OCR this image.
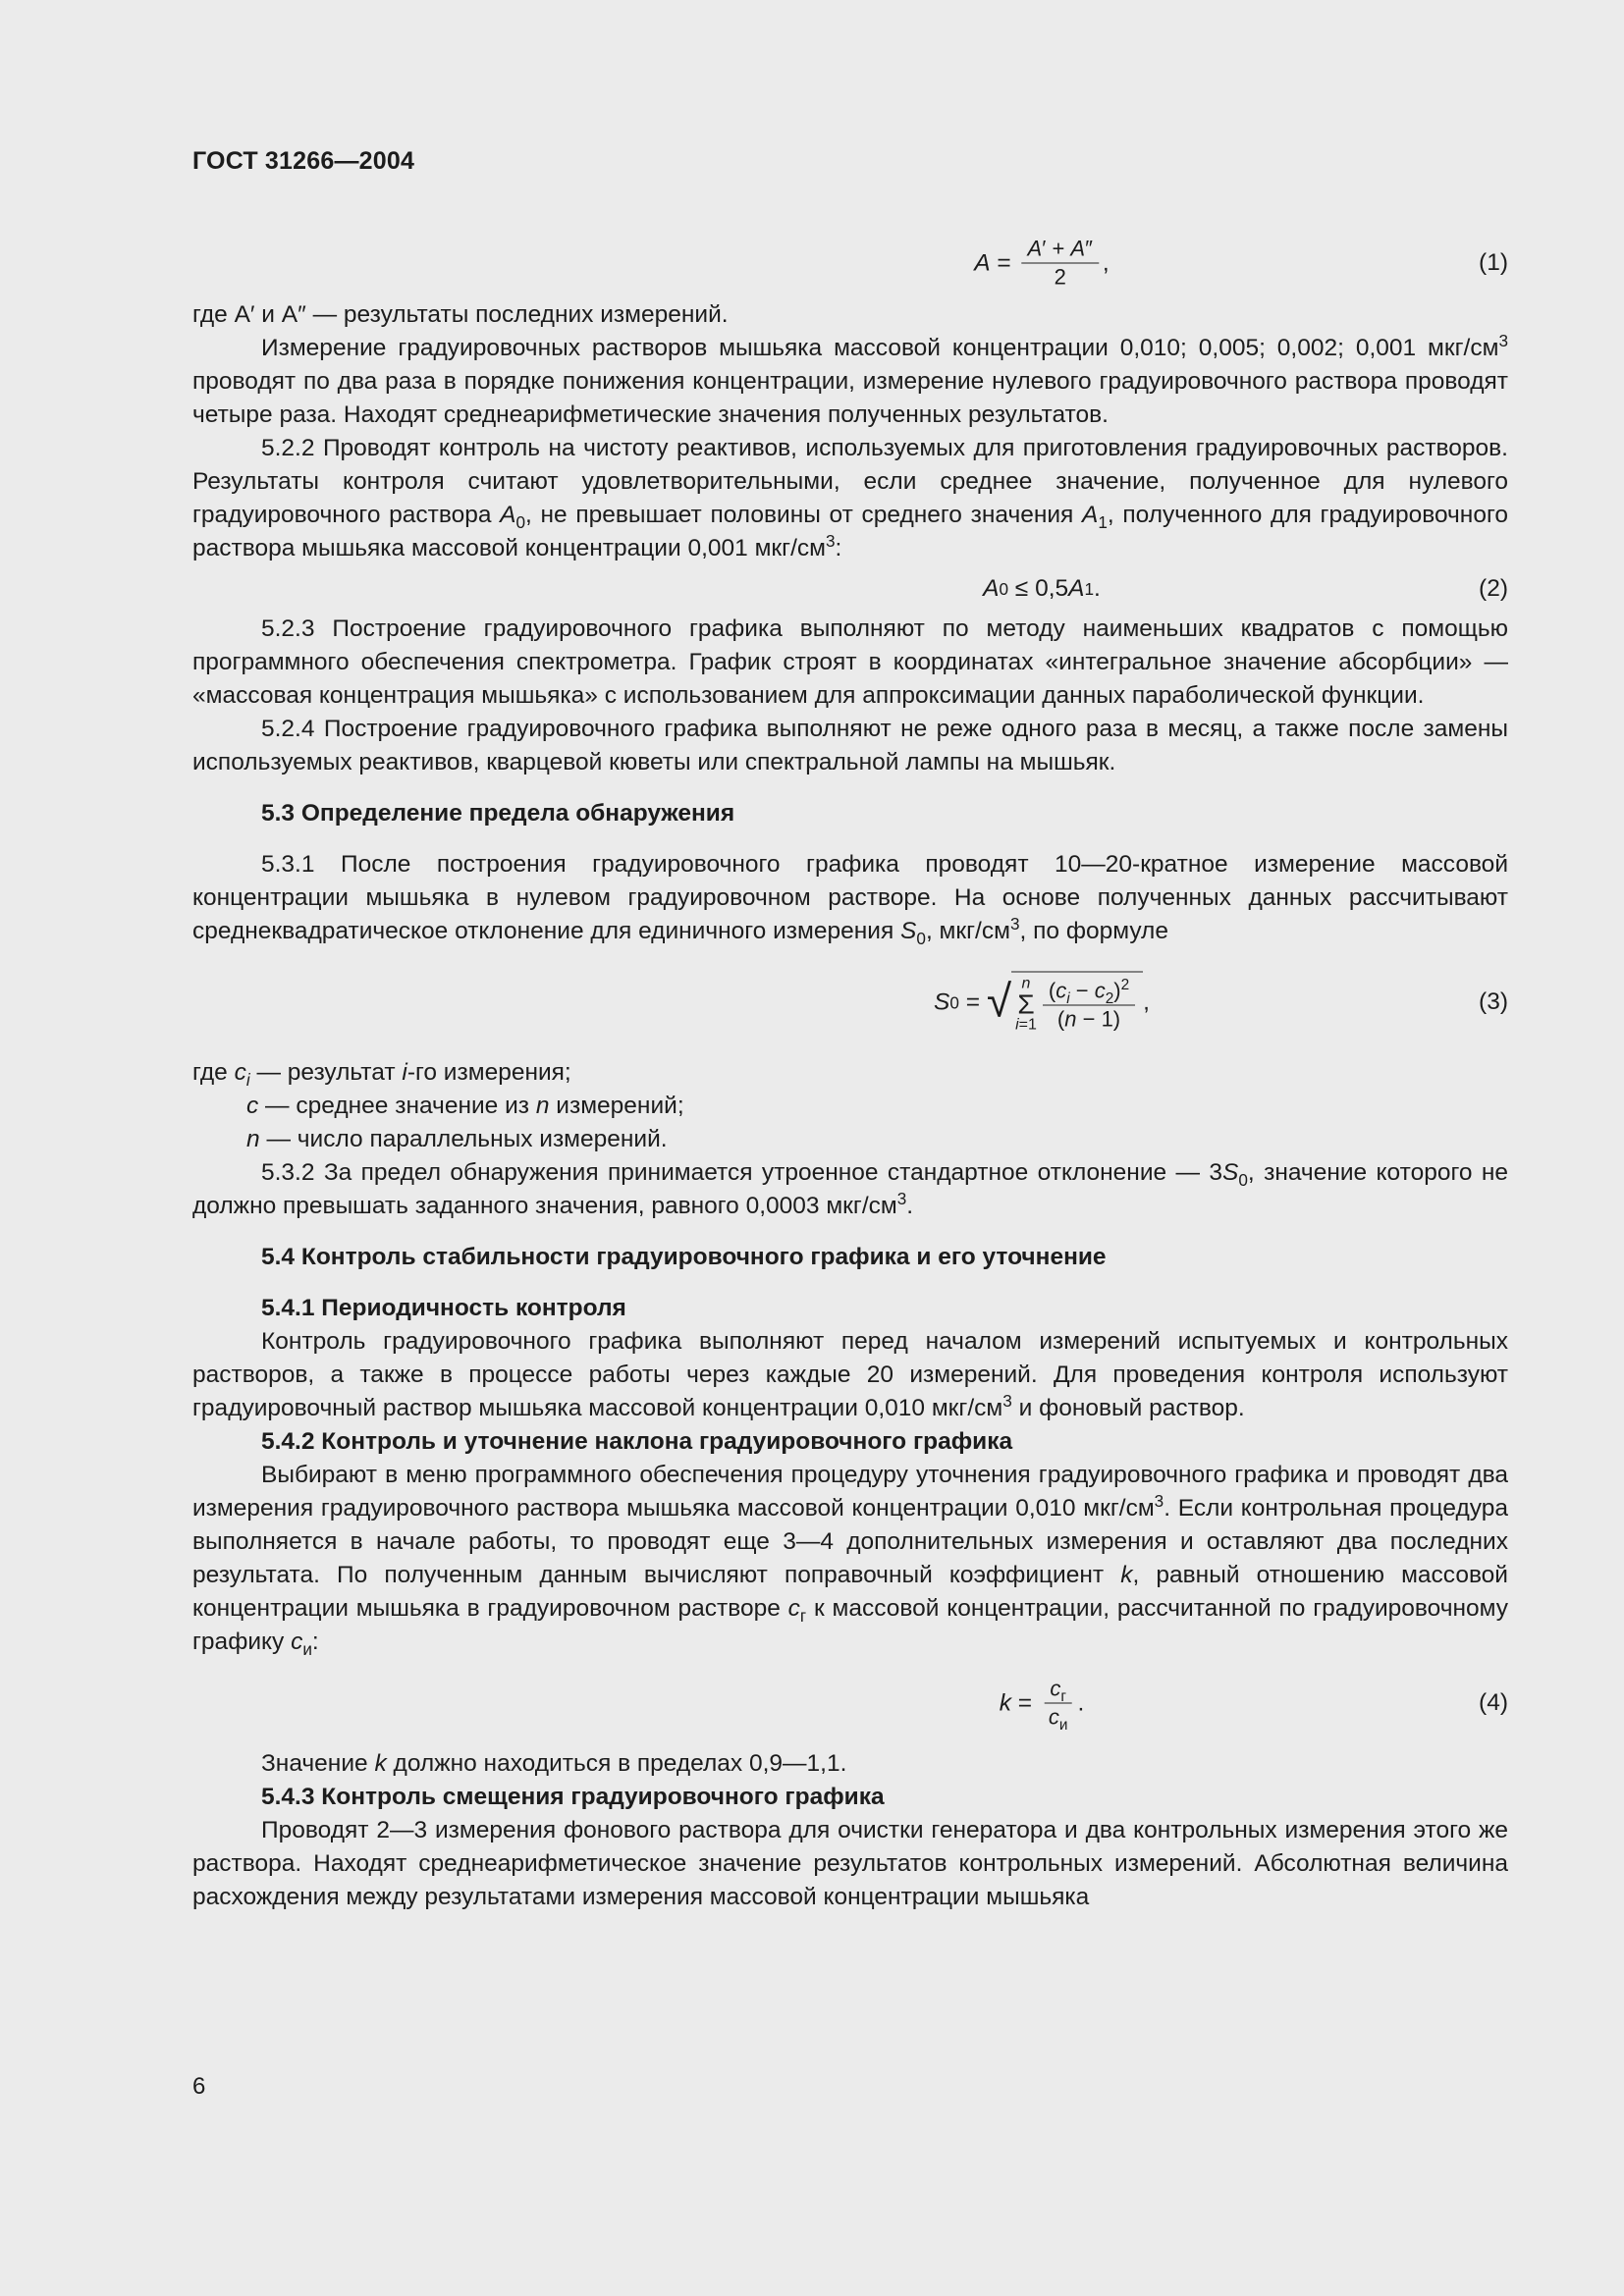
ГОСТ 31266—2004
$A = \frac{A' + A''}{2}$ ,	(1)

где A′ и A″ — результаты последних измерений.

Измерение градуировочных растворов мышьяка массовой концентрации 0,010; 0,005; 0,002; 0,001 мкг/$см^3$ проводят по два раза в порядке понижения концентрации, измерение нулевого градуировочного раствора проводят четыре раза. Находят среднеарифметические значения полученных результатов.

5.2.2 Проводят контроль на чистоту реактивов, используемых для приготовления градуировочных растворов. Результаты контроля считают удовлетворительными, если среднее значение, полученное для нулевого градуировочного раствора $A_0$, не превышает половины от среднего значения $A_1$, полученного для градуировочного раствора мышьяка массовой концентрации 0,001 мкг/$см^3$:

A 0 ≤ 0,5 A 1 .	(2)

5.2.3 Построение градуировочного графика выполняют по методу наименьших квадратов с помощью программного обеспечения спектрометра. График строят в координатах «интегральное значение абсорбции» — «массовая концентрация мышьяка» с использованием для аппроксимации данных параболической функции.

5.2.4 Построение градуировочного графика выполняют не реже одного раза в месяц, а также после замены используемых реактивов, кварцевой кюветы или спектральной лампы на мышьяк.

5.3 Определение предела обнаружения

5.3.1 После построения градуировочного графика проводят 10—20-кратное измерение массовой концентрации мышьяка в нулевом градуировочном растворе. На основе полученных данных рассчитывают среднеквадратическое отклонение для единичного измерения $S_0$, мкг/$см^3$, по формуле

S 0 = √ n
Σ
$i=1 \frac{(c_i - c_2)^2}{(n - 1)}$ ,	(3)

где $c_i$ — результат i-го измерения;

c — среднее значение из n измерений;

n — число параллельных измерений.

5.3.2 За предел обнаружения принимается утроенное стандартное отклонение — $3S_0$, значение которого не должно превышать заданного значения, равного 0,0003 мкг/$см^3$.

5.4 Контроль стабильности градуировочного графика и его уточнение

5.4.1 Периодичность контроля

Контроль градуировочного графика выполняют перед началом измерений испытуемых и контрольных растворов, а также в процессе работы через каждые 20 измерений. Для проведения контроля используют градуировочный раствор мышьяка массовой концентрации 0,010 мкг/$см^3$ и фоновый раствор.

5.4.2 Контроль и уточнение наклона градуировочного графика

Выбирают в меню программного обеспечения процедуру уточнения градуировочного графика и проводят два измерения градуировочного раствора мышьяка массовой концентрации 0,010 мкг/$см^3$. Если контрольная процедура выполняется в начале работы, то проводят еще 3—4 дополнительных измерения и оставляют два последних результата. По полученным данным вычисляют поправочный коэффициент k, равный отношению массовой концентрации мышьяка в градуировочном растворе $c_г$ к массовой концентрации, рассчитанной по градуировочному графику $c_и$:

$k = \frac{c_г}{c_и}$ .	(4)

Значение k должно находиться в пределах 0,9—1,1.

5.4.3 Контроль смещения градуировочного графика

Проводят 2—3 измерения фонового раствора для очистки генератора и два контрольных измерения этого же раствора. Находят среднеарифметическое значение результатов контрольных измерений. Абсолютная величина расхождения между результатами измерения массовой концентрации мышьяка

6
